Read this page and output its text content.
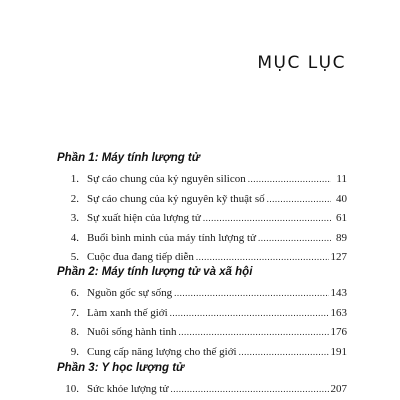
MỤC LỤC
Phần 1: Máy tính lượng tử
1. Sự cáo chung của kỷ nguyên silicon .....	11
2. Sự cáo chung của kỷ nguyên kỹ thuật số .....	40
3. Sự xuất hiện của lượng tử .....	61
4. Buổi bình minh của máy tính lượng tử .....	89
5. Cuộc đua đang tiếp diễn .....	127
Phần 2: Máy tính lượng tử và xã hội
6. Nguồn gốc sự sống .....	143
7. Làm xanh thế giới .....	163
8. Nuôi sống hành tinh .....	176
9. Cung cấp năng lượng cho thế giới .....	191
Phần 3: Y học lượng tử
10. Sức khỏe lượng tử .....	207
